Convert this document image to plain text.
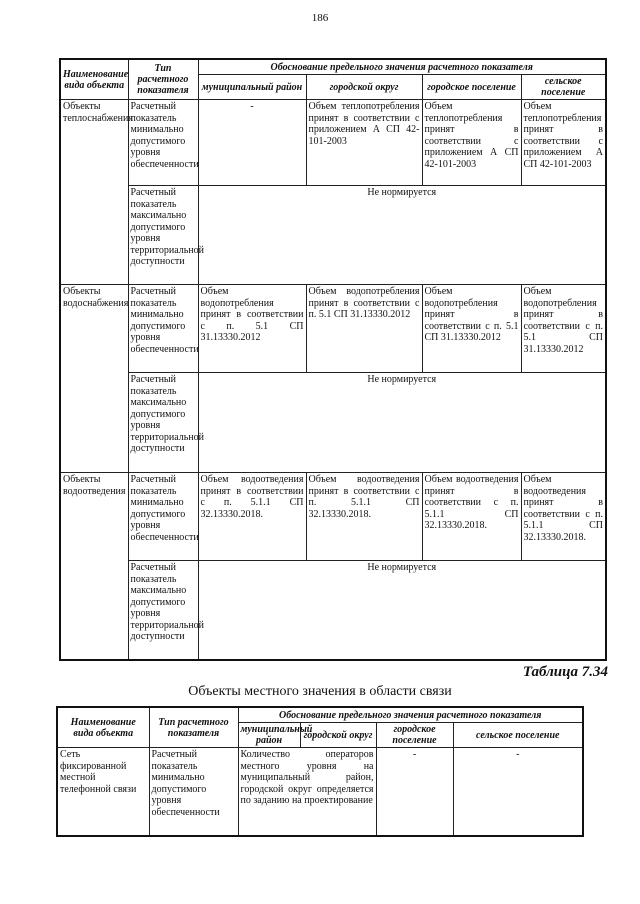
186
Наименование вида объекта	Тип расчетного показателя	Обоснование предельного значения расчетного показателя			
		муниципальный район	городской округ	городское поселение	сельское поселение
Объекты теплоснабжения	Расчетный показатель минимально допустимого уровня обеспеченности	-	Объем теплопотребления принят в соответствии с приложением А СП 42-101-2003	Объем теплопотребления принят в соответствии с приложением А СП 42-101-2003	Объем теплопотребления принят в соответствии с приложением А СП 42-101-2003
	Расчетный показатель максимально допустимого уровня территориальной доступности	Не нормируется			
Объекты водоснабжения	Расчетный показатель минимально допустимого уровня обеспеченности	Объем водопотребления принят в соответствии с п. 5.1 СП 31.13330.2012	Объем водопотребления принят в соответствии с п. 5.1 СП 31.13330.2012	Объем водопотребления принят в соответствии с п. 5.1 СП 31.13330.2012	Объем водопотребления принят в соответствии с п. 5.1 СП 31.13330.2012
	Расчетный показатель максимально допустимого уровня территориальной доступности	Не нормируется			
Объекты водоотведения	Расчетный показатель минимально допустимого уровня обеспеченности	Объем водоотведения принят в соответствии с п. 5.1.1 СП 32.13330.2018.	Объем водоотведения принят в соответствии с п. 5.1.1 СП 32.13330.2018.	Объем водоотведения принят в соответствии с п. 5.1.1 СП 32.13330.2018.	Объем водоотведения принят в соответствии с п. 5.1.1 СП 32.13330.2018.
	Расчетный показатель максимально допустимого уровня территориальной доступности	Не нормируется			
Таблица 7.34
Объекты местного значения в области связи
Наименование вида объекта	Тип расчетного показателя	Обоснование предельного значения расчетного показателя			
		муниципальный район	городской округ	городское поселение	сельское поселение
Сеть фиксированной местной телефонной связи	Расчетный показатель минимально допустимого уровня обеспеченности	Количество операторов местного уровня на муниципальный район, городской округ определяется по заданию на проектирование		-	-
